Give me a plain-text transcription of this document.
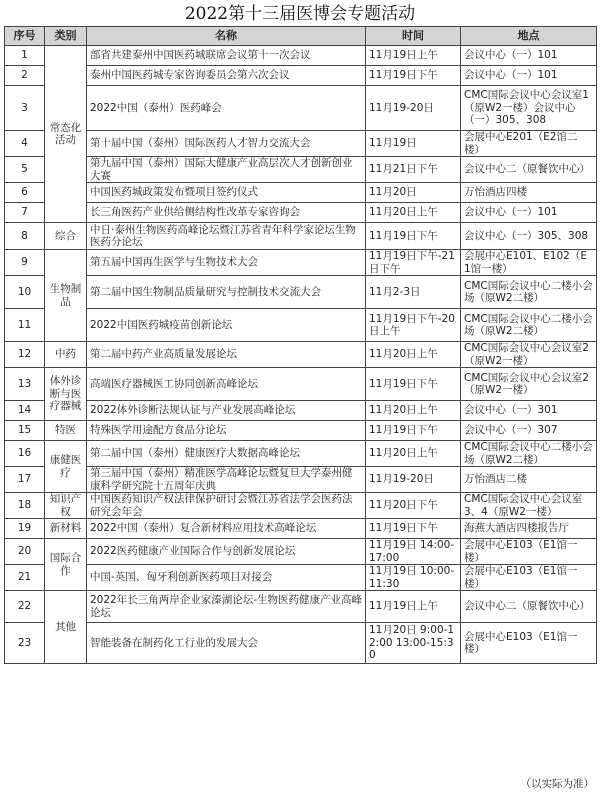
2022第十三届医博会专题活动
序号	类别	名称	时间	地点
1	常态化活动	部省共建泰州中国医药城联席会议第十一次会议	11月19日上午	会议中心（一）101
2		泰州中国医药城专家咨询委员会第六次会议	11月19日下午	会议中心（一）101
3		2022中国（泰州）医药峰会	11月19-20日	CMC国际会议中心会议室1（原W2一楼）会议中心（一）305、308
4		第十届中国（泰州）国际医药人才智力交流大会	11月19日	会展中心E201（E2馆二楼）
5		第九届中国（泰州）国际大健康产业高层次人才创新创业大赛	11月21日下午	会议中心二（原餐饮中心）
6		中国医药城政策发布暨项目签约仪式	11月20日	万怡酒店四楼
7		长三角医药产业供给侧结构性改革专家咨询会	11月20日上午	会议中心（一）101
8	综合	中日·泰州生物医药高峰论坛暨江苏省青年科学家论坛生物医药分论坛	11月19日下午	会议中心（一）305、308
9	生物制品	第五届中国再生医学与生物技术大会	11月19日下午-21日下午	会展中心E101、E102（E1馆一楼）
10		第二届中国生物制品质量研究与控制技术交流大会	11月2-3日	CMC国际会议中心二楼小会场（原W2二楼）
11		2022中国医药城疫苗创新论坛	11月19日下午-20日上午	CMC国际会议中心二楼小会场（原W2二楼）
12	中药	第二届中药产业高质量发展论坛	11月20日上午	CMC国际会议中心会议室2（原W2一楼）
13	体外诊断与医疗器械	高端医疗器械医工协同创新高峰论坛	11月19日下午	CMC国际会议中心会议室2（原W2一楼）
14		2022体外诊断法规认证与产业发展高峰论坛	11月20日上午	会议中心（一）301
15	特医	特殊医学用途配方食品分论坛	11月19日下午	会议中心（一）307
16	康健医疗	第二届中国（泰州）健康医疗大数据高峰论坛	11月20日上午	CMC国际会议中心二楼小会场（原W2二楼）
17		第三届中国（泰州）精准医学高峰论坛暨复旦大学泰州健康科学研究院十五周年庆典	11月19-20日	万怡酒店二楼
18	知识产权	中国医药知识产权法律保护研讨会暨江苏省法学会医药法研究会年会	11月20日下午	CMC国际会议中心会议室3、4（原W2一楼）
19	新材料	2022中国（泰州）复合新材料应用技术高峰论坛	11月19日下午	海燕大酒店四楼报告厅
20	国际合作	2022医药健康产业国际合作与创新发展论坛	11月19日 14:00-17:00	会展中心E103（E1馆一楼）
21		中国-英国、匈牙利创新医药项目对接会	11月19日 10:00-11:30	会展中心E103（E1馆一楼）
22	其他	2022年长三角两岸企业家溱湖论坛-生物医药健康产业高峰论坛	11月19日上午	会议中心二（原餐饮中心）
23		智能装备在制药化工行业的发展大会	11月20日 9:00-12:00 13:00-15:30	会展中心E103（E1馆一楼）
（以实际为准）
